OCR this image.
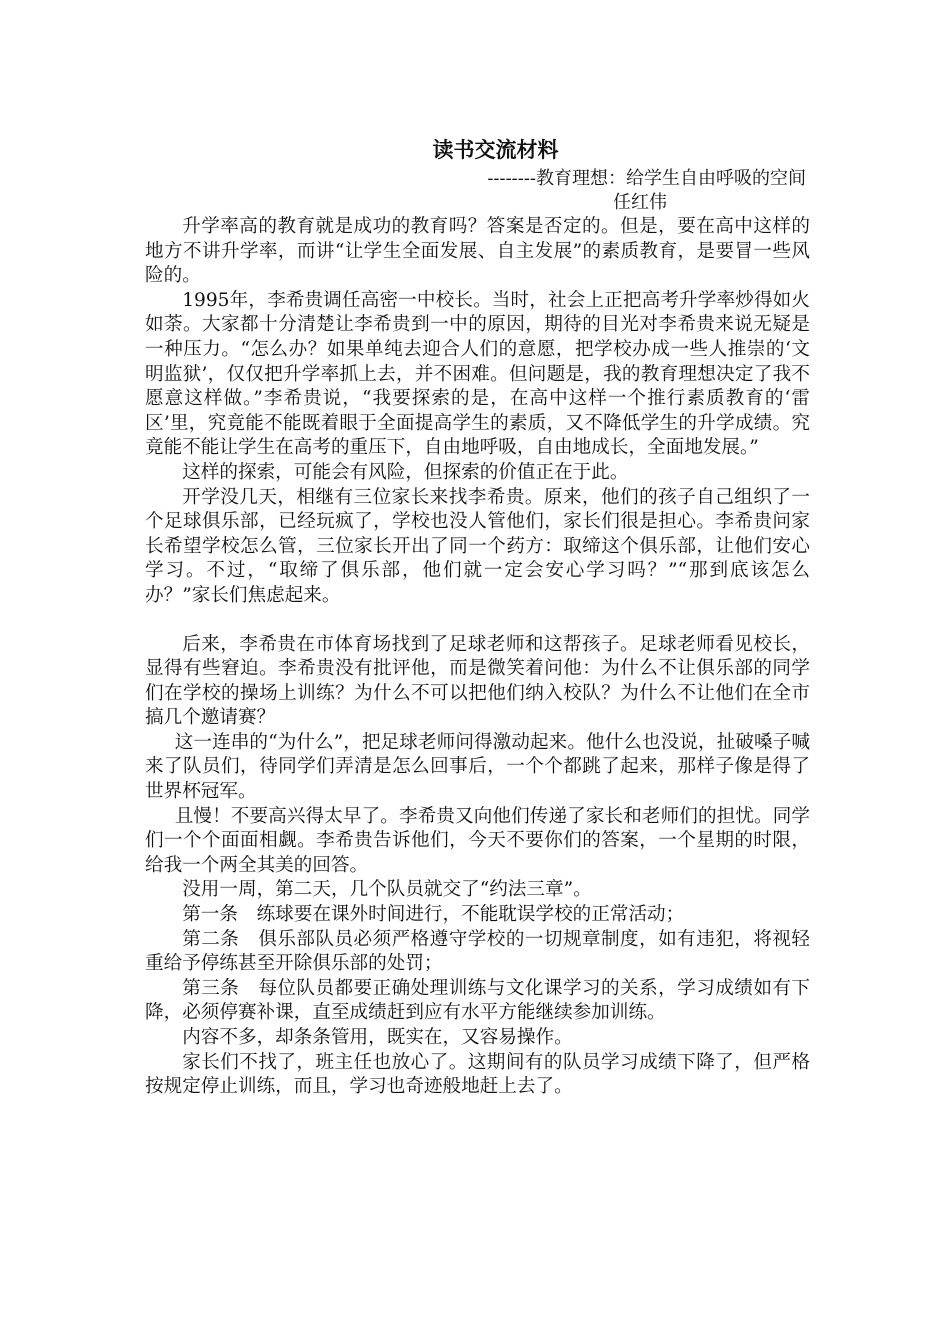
读书交流材料

--------教育理想：给学生自由呼吸的空间

任红伟

升学率高的教育就是成功的教育吗？答案是否定的。但是，要在高中这样的地方不讲升学率，而讲“让学生全面发展、自主发展”的素质教育，是要冒一些风险的。

1995年，李希贵调任高密一中校长。当时，社会上正把高考升学率炒得如火如荼。大家都十分清楚让李希贵到一中的原因，期待的目光对李希贵来说无疑是一种压力。“怎么办？如果单纯去迎合人们的意愿，把学校办成一些人推崇的‘文明监狱’，仅仅把升学率抓上去，并不困难。但问题是，我的教育理想决定了我不愿意这样做。”李希贵说，“我要探索的是，在高中这样一个推行素质教育的‘雷区’里，究竟能不能既着眼于全面提高学生的素质，又不降低学生的升学成绩。究竟能不能让学生在高考的重压下，自由地呼吸，自由地成长，全面地发展。”

这样的探索，可能会有风险，但探索的价值正在于此。

开学没几天，相继有三位家长来找李希贵。原来，他们的孩子自己组织了一个足球俱乐部，已经玩疯了，学校也没人管他们，家长们很是担心。李希贵问家长希望学校怎么管，三位家长开出了同一个药方：取缔这个俱乐部，让他们安心学习。不过，“取缔了俱乐部，他们就一定会安心学习吗？”“那到底该怎么办？”家长们焦虑起来。

后来，李希贵在市体育场找到了足球老师和这帮孩子。足球老师看见校长，显得有些窘迫。李希贵没有批评他，而是微笑着问他：为什么不让俱乐部的同学们在学校的操场上训练？为什么不可以把他们纳入校队？为什么不让他们在全市搞几个邀请赛？

这一连串的“为什么”，把足球老师问得激动起来。他什么也没说，扯破嗓子喊来了队员们，待同学们弄清是怎么回事后，一个个都跳了起来，那样子像是得了世界杯冠军。

且慢！不要高兴得太早了。李希贵又向他们传递了家长和老师们的担忧。同学们一个个面面相觑。李希贵告诉他们，今天不要你们的答案，一个星期的时限，给我一个两全其美的回答。

没用一周，第二天，几个队员就交了“约法三章”。

第一条　练球要在课外时间进行，不能耽误学校的正常活动；

第二条　俱乐部队员必须严格遵守学校的一切规章制度，如有违犯，将视轻重给予停练甚至开除俱乐部的处罚；

第三条　每位队员都要正确处理训练与文化课学习的关系，学习成绩如有下降，必须停赛补课，直至成绩赶到应有水平方能继续参加训练。

内容不多，却条条管用，既实在，又容易操作。

家长们不找了，班主任也放心了。这期间有的队员学习成绩下降了，但严格按规定停止训练，而且，学习也奇迹般地赶上去了。
